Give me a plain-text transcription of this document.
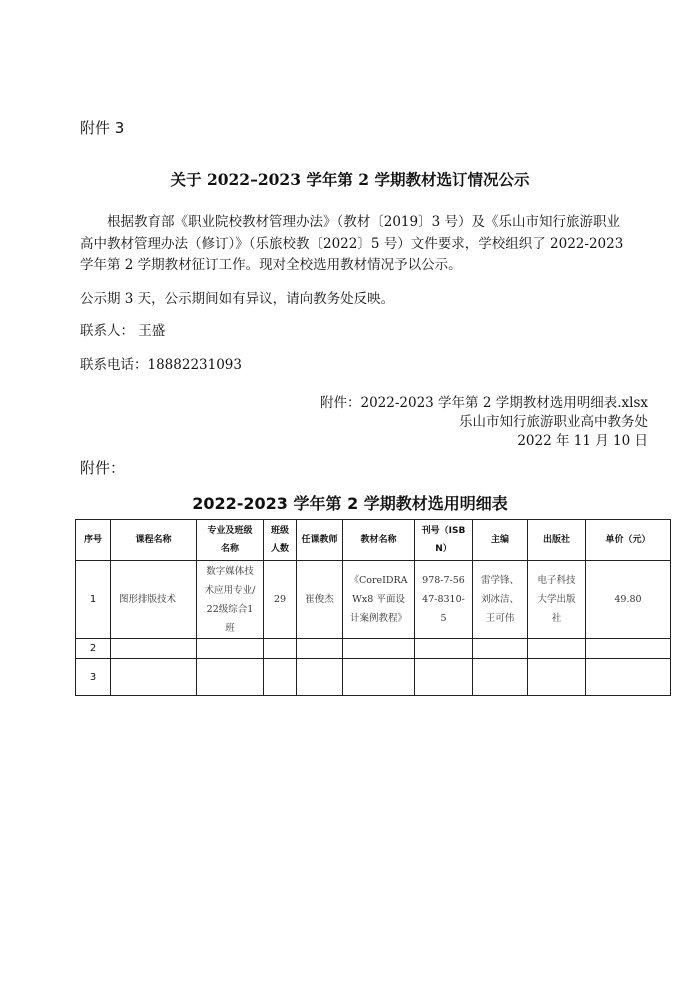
附件 3
关于 2022–2023 学年第 2 学期教材选订情况公示
根据教育部《职业院校教材管理办法》（教材〔2019〕3 号）及《乐山市知行旅游职业高中教材管理办法（修订）》（乐旅校教〔2022〕5 号）文件要求，学校组织了 2022-2023 学年第 2 学期教材征订工作。现对全校选用教材情况予以公示。
公示期 3 天，公示期间如有异议，请向教务处反映。
联系人： 王盛
联系电话：18882231093
附件：2022-2023 学年第 2 学期教材选用明细表.xlsx
乐山市知行旅游职业高中教务处
2022 年 11 月 10 日
附件：
2022-2023 学年第 2 学期教材选用明细表
序号	课程名称	专业及班级名称	班级人数	任课教师	教材名称	刊号（ISBN）	主编	出版社	单价（元）
1	图形排版技术	数字媒体技术应用专业/22级综合1班	29	崔俊杰	《CoreIDRAWx8 平面设计案例教程》	978-7-5647-8310-5	雷学锋、刘冰洁、王可伟	电子科技大学出版社	49.80
2									
3									
